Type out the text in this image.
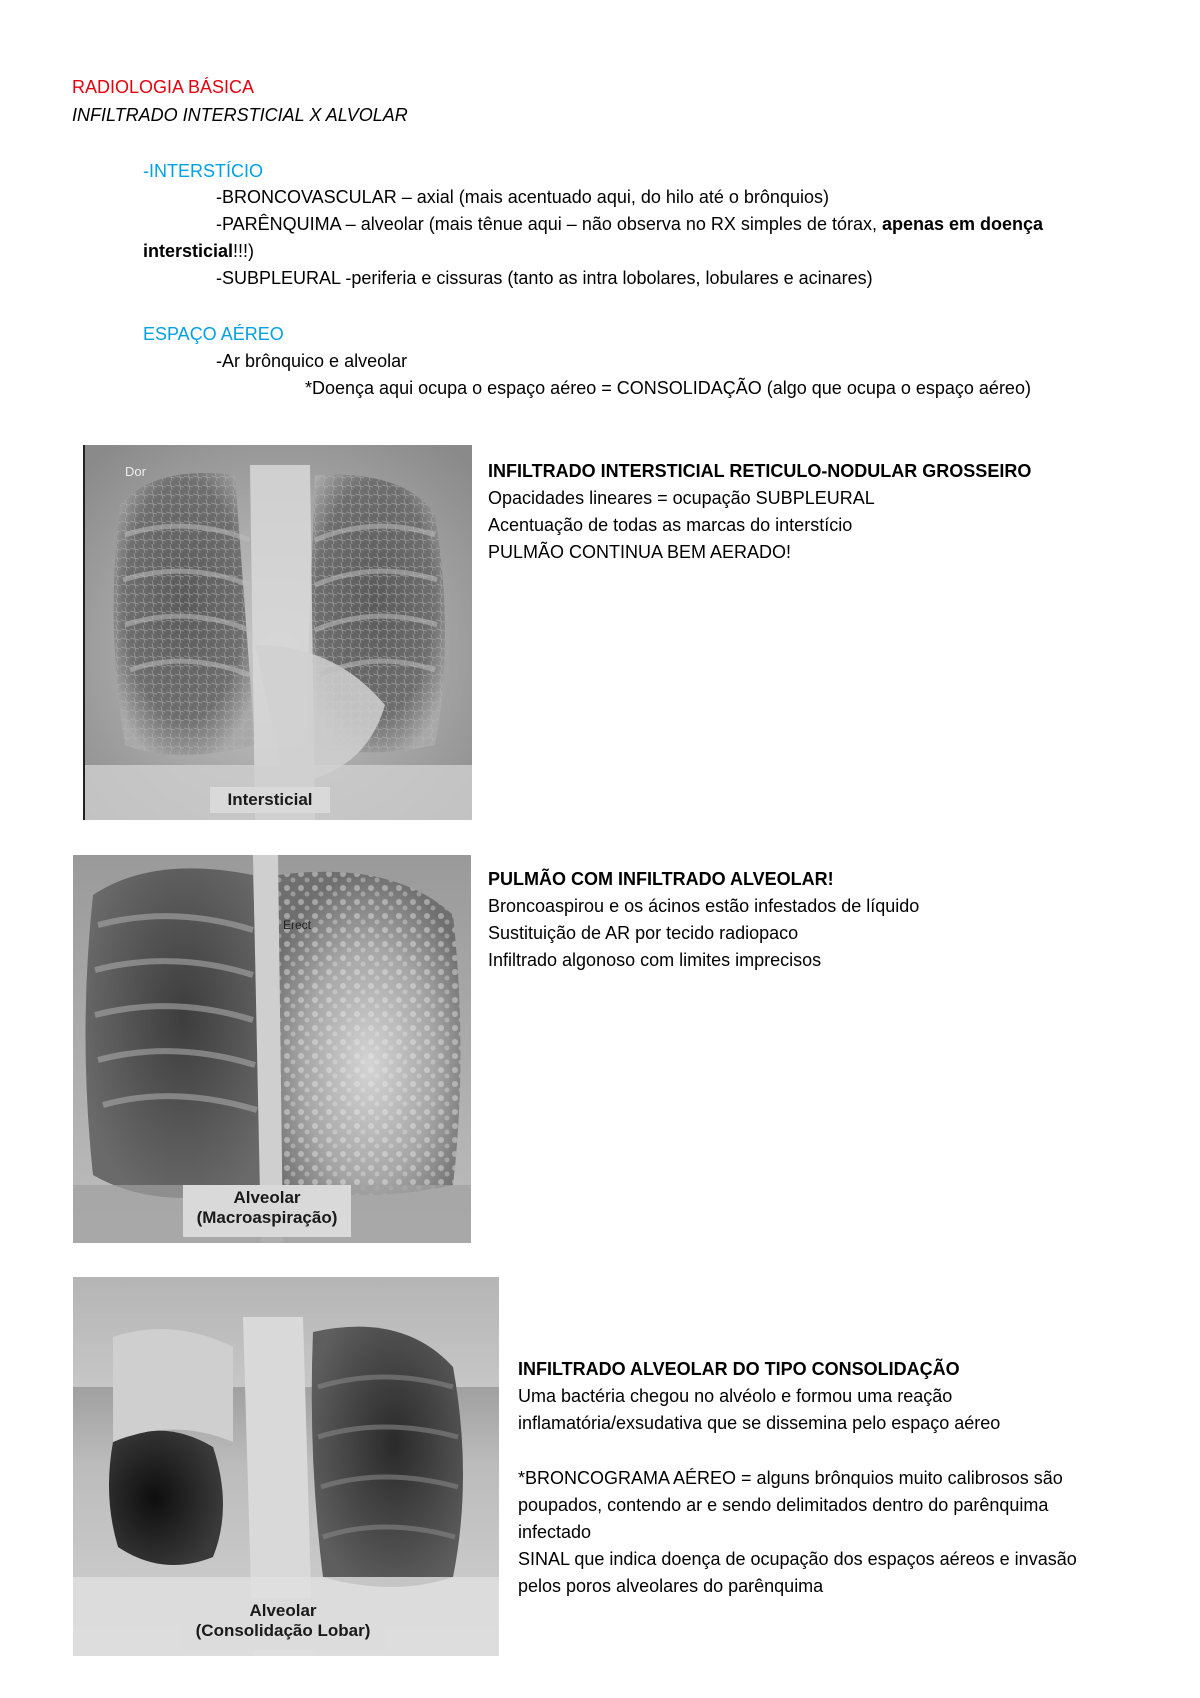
RADIOLOGIA BÁSICA
INFILTRADO INTERSTICIAL X ALVOLAR
-INTERSTÍCIO
-BRONCOVASCULAR – axial (mais acentuado aqui, do hilo até o brônquios)
-PARÊNQUIMA – alveolar (mais tênue aqui – não observa no RX simples de tórax, apenas em doença
intersticial!!!)
-SUBPLEURAL -periferia e cissuras (tanto as intra lobolares, lobulares e acinares)
ESPAÇO AÉREO
-Ar brônquico e alveolar
*Doença aqui ocupa o espaço aéreo = CONSOLIDAÇÃO (algo que ocupa o espaço aéreo)
Dor
Intersticial
INFILTRADO INTERSTICIAL RETICULO-NODULAR GROSSEIRO
Opacidades lineares = ocupação SUBPLEURAL
Acentuação de todas as marcas do interstício
PULMÃO CONTINUA BEM AERADO!
Erect
Alveolar
(Macroaspiração)
PULMÃO COM INFILTRADO ALVEOLAR!
Broncoaspirou e os ácinos estão infestados de líquido
Sustituição de AR por tecido radiopaco
Infiltrado algonoso com limites imprecisos
Alveolar
(Consolidação Lobar)
INFILTRADO ALVEOLAR DO TIPO CONSOLIDAÇÃO
Uma bactéria chegou no alvéolo e formou uma reação
inflamatória/exsudativa que se dissemina pelo espaço aéreo
*BRONCOGRAMA AÉREO = alguns brônquios muito calibrosos são
poupados, contendo ar e sendo delimitados dentro do parênquima
infectado
SINAL que indica doença de ocupação dos espaços aéreos e invasão
pelos poros alveolares do parênquima
